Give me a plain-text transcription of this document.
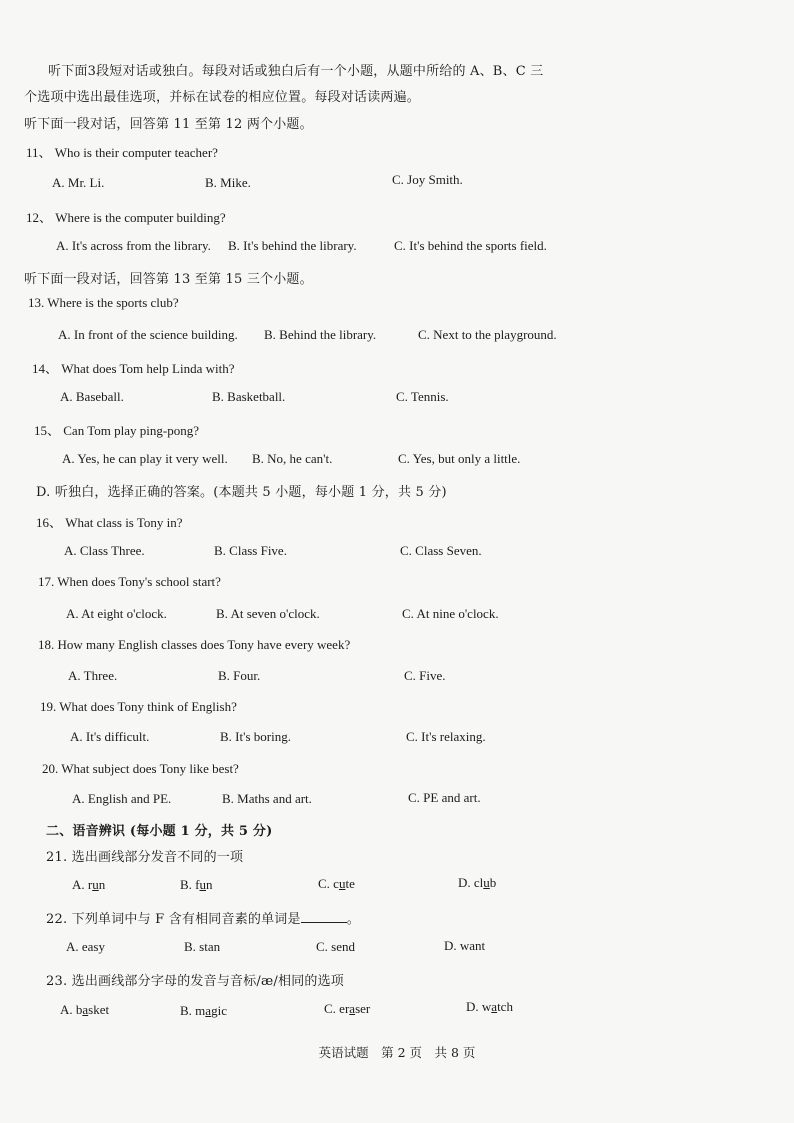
听下面3段短对话或独白。每段对话或独白后有一个小题，从题中所给的 A、B、C 三
个选项中选出最佳选项，并标在试卷的相应位置。每段对话读两遍。
听下面一段对话，回答第 11 至第 12 两个小题。
11、 Who is their computer teacher?
A. Mr. Li.	B. Mike.	C. Joy Smith.
12、 Where is the computer building?
A. It's across from the library. B. It's behind the library.	C. It's behind the sports field.
听下面一段对话，回答第 13 至第 15 三个小题。
13. Where is the sports club?
A. In front of the science building. B. Behind the library.	C. Next to the playground.
14、 What does Tom help Linda with?
A. Baseball.	B. Basketball.	C. Tennis.
15、 Can Tom play ping-pong?
A. Yes, he can play it very well. B. No, he can't.	C. Yes, but only a little.
D. 听独白，选择正确的答案。(本题共 5 小题，每小题 1 分，共 5 分)
16、 What class is Tony in?
A. Class Three.	B. Class Five.	C. Class Seven.
17. When does Tony's school start?
A. At eight o'clock.	B. At seven o'clock.	C. At nine o'clock.
18. How many English classes does Tony have every week?
A. Three.	B. Four.	C. Five.
19. What does Tony think of English?
A. It's difficult.	B. It's boring.	C. It's relaxing.
20. What subject does Tony like best?
A. English and PE.	B. Maths and art.	C. PE and art.
二、语音辨识 (每小题 1 分，共 5 分)
21. 选出画线部分发音不同的一项
A. run	B. fun	C. cute	D. club
22. 下列单词中与 F 含有相同音素的单词是	。
A. easy	B. stan	C. send	D. want
23. 选出画线部分字母的发音与音标/æ/相同的选项
A. basket	B. magic	C. eraser	D. watch
英语试题　第 2 页　共 8 页
